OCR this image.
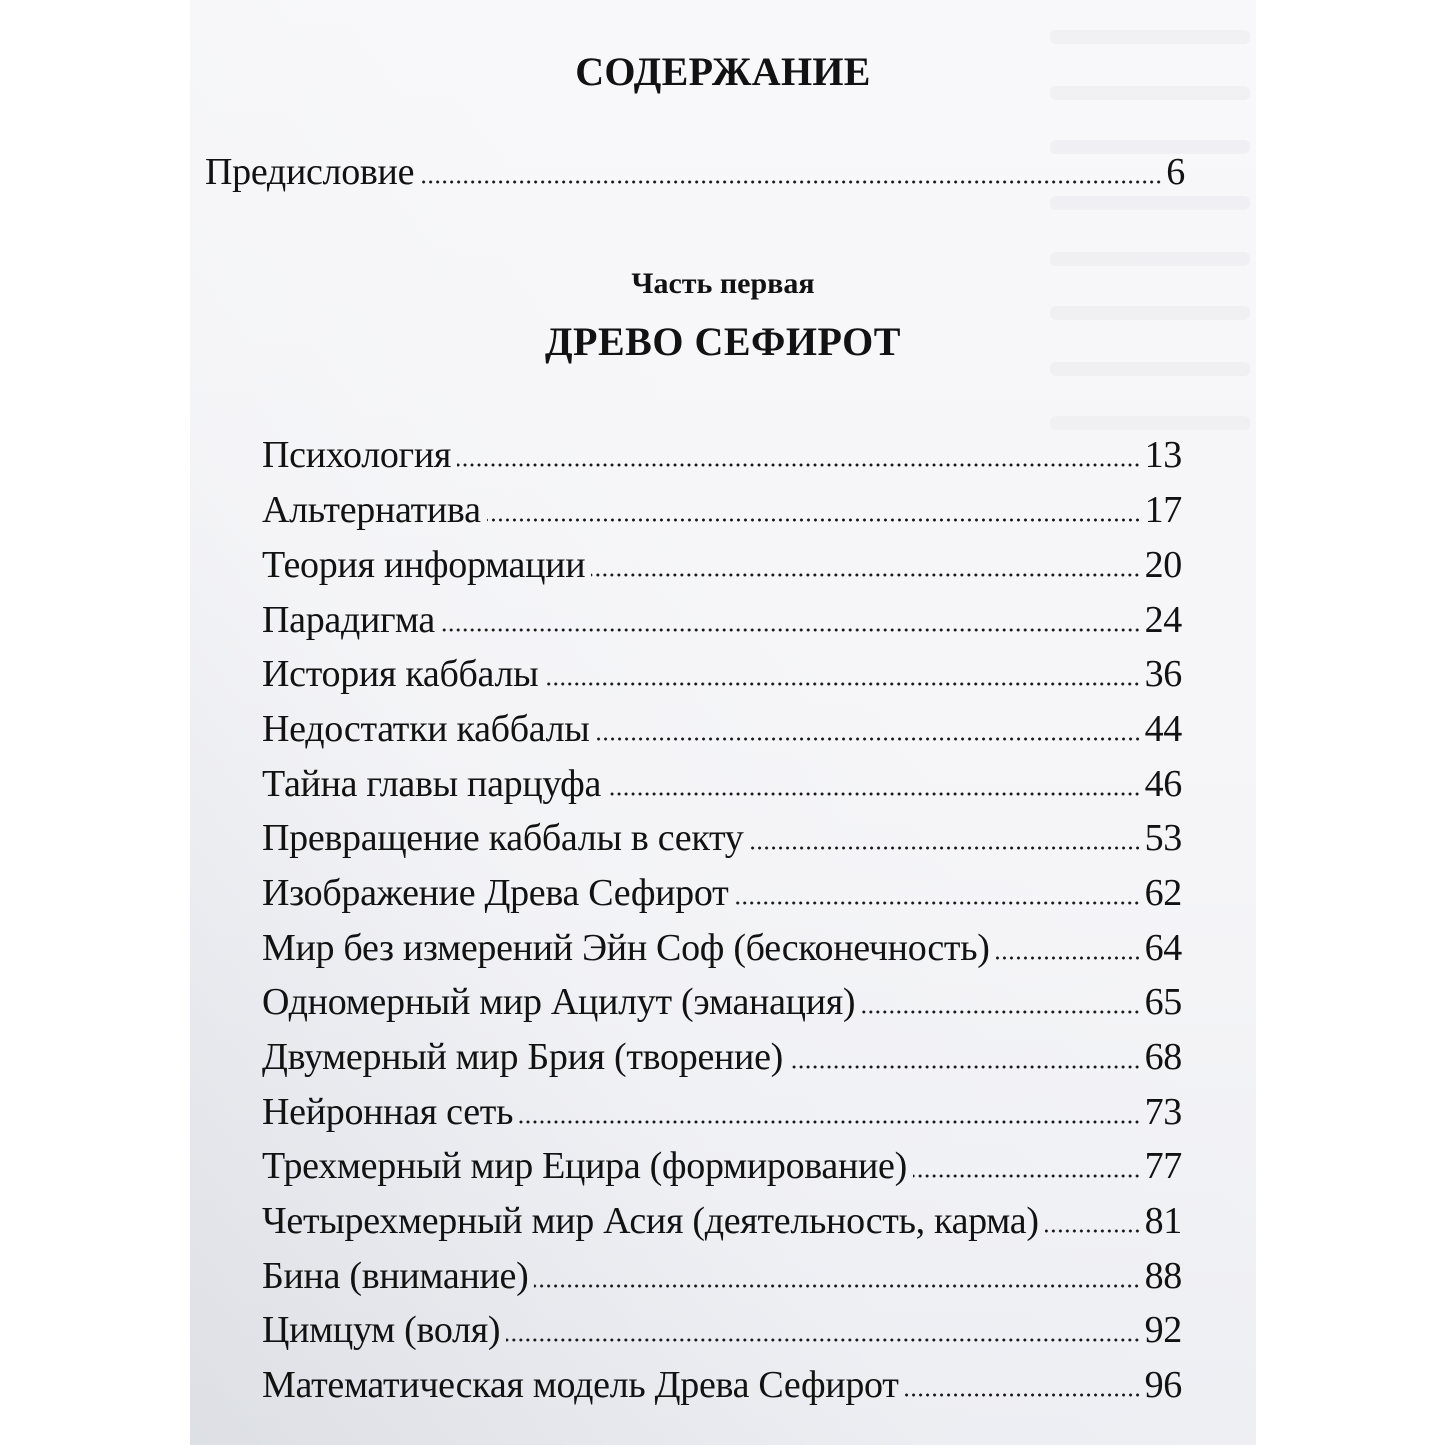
СОДЕРЖАНИЕ
Предисловие	6
Часть первая
ДРЕВО СЕФИРОТ
Психология	13
Альтернатива	17
Теория информации	20
Парадигма	24
История каббалы	36
Недостатки каббалы	44
Тайна главы парцуфа	46
Превращение каббалы в секту	53
Изображение Древа Сефирот	62
Мир без измерений Эйн Соф (бесконечность)	64
Одномерный мир Ацилут (эманация)	65
Двумерный мир Брия (творение)	68
Нейронная сеть	73
Трехмерный мир Ецира (формирование)	77
Четырехмерный мир Асия (деятельность, карма)	81
Бина (внимание)	88
Цимцум (воля)	92
Математическая модель Древа Сефирот	96
